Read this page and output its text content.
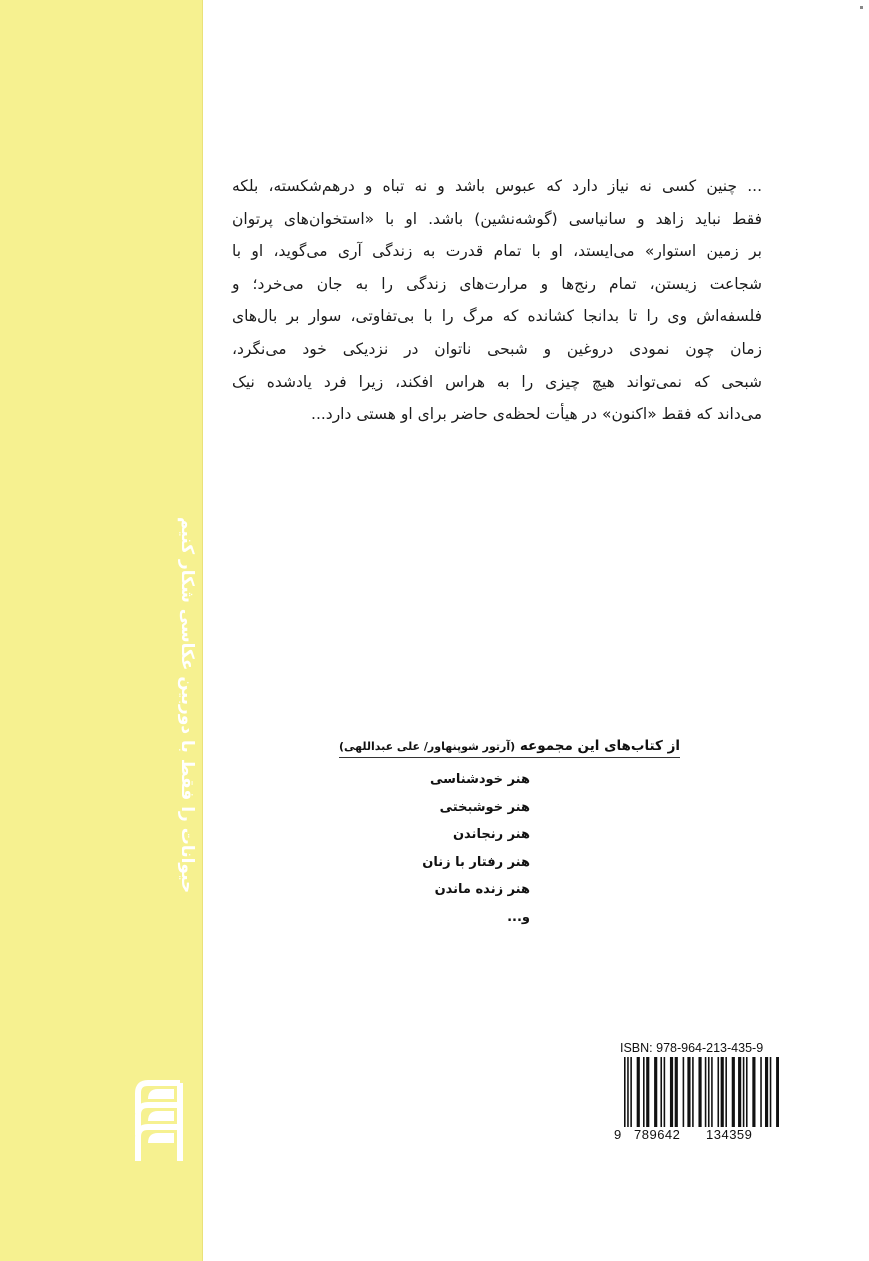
حیوانات را فقط با دوربین عکاسی شکار کنیم
... چنین کسی نه نیاز دارد که عبوس باشد و نه تباه و درهم‌شکسته، بلکه
فقط نباید زاهد و سانیاسی (گوشه‌نشین) باشد. او با «استخوان‌های پرتوان
بر زمین استوار» می‌ایستد، او با تمام قدرت به زندگی آری می‌گوید، او با
شجاعت زیستن، تمام رنج‌ها و مرارت‌های زندگی را به جان می‌خرد؛ و
فلسفه‌اش وی را تا بدانجا کشانده که مرگ را با بی‌تفاوتی، سوار بر بال‌های
زمان چون نمودی دروغین و شبحی ناتوان در نزدیکی خود می‌نگرد،
شبحی که نمی‌تواند هیچ چیزی را به هراس افکند، زیرا فرد یادشده نیک
می‌داند که فقط «اکنون» در هیأت لحظه‌ی حاضر برای او هستی دارد...
از کتاب‌های این مجموعه (آرتور شوپنهاور/ علی عبداللهی)
هنر خودشناسی
هنر خوشبختی
هنر رنجاندن
هنر رفتار با زنان
هنر زنده ماندن
و...
ISBN: 978-964-213-435-9
9 789642 134359
